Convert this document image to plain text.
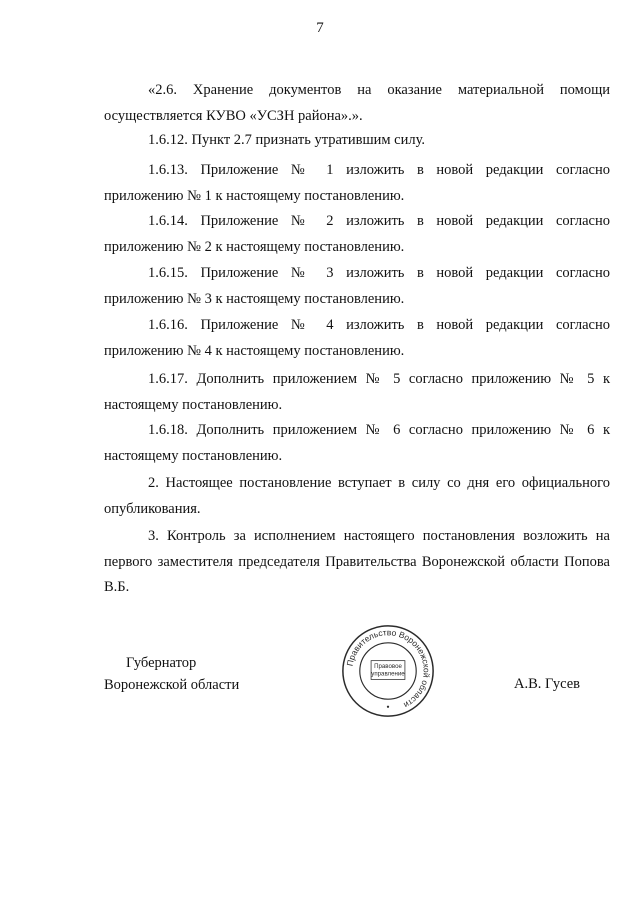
7
«2.6. Хранение документов на оказание материальной помощи осуществляется КУВО «УСЗН района».».
1.6.12. Пункт 2.7 признать утратившим силу.
1.6.13. Приложение № 1 изложить в новой редакции согласно приложению № 1 к настоящему постановлению.
1.6.14. Приложение № 2 изложить в новой редакции согласно приложению № 2 к настоящему постановлению.
1.6.15. Приложение № 3 изложить в новой редакции согласно приложению № 3 к настоящему постановлению.
1.6.16. Приложение № 4 изложить в новой редакции согласно приложению № 4 к настоящему постановлению.
1.6.17. Дополнить приложением № 5 согласно приложению № 5 к настоящему постановлению.
1.6.18. Дополнить приложением № 6 согласно приложению № 6 к настоящему постановлению.
2. Настоящее постановление вступает в силу со дня его официального опубликования.
3. Контроль за исполнением настоящего постановления возложить на первого заместителя председателя Правительства Воронежской области Попова В.Б.
Губернатор
Воронежской области
Правительство Воронежской области
Правовое
управление
А.В. Гусев
